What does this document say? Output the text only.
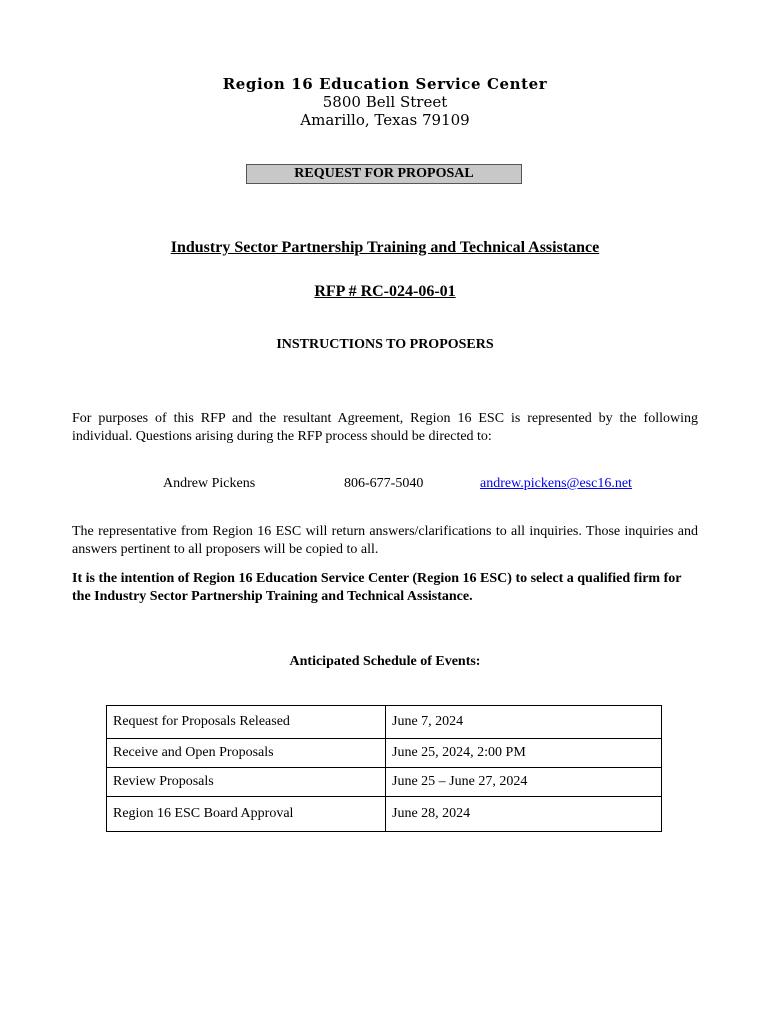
Region 16 Education Service Center
5800 Bell Street
Amarillo, Texas 79109
REQUEST FOR PROPOSAL
Industry Sector Partnership Training and Technical Assistance
RFP # RC-024-06-01
INSTRUCTIONS TO PROPOSERS
For purposes of this RFP and the resultant Agreement, Region 16 ESC is represented by the following individual. Questions arising during the RFP process should be directed to:
Andrew Pickens	806-677-5040	andrew.pickens@esc16.net
The representative from Region 16 ESC will return answers/clarifications to all inquiries. Those inquiries and answers pertinent to all proposers will be copied to all.
It is the intention of Region 16 Education Service Center (Region 16 ESC) to select a qualified firm for the Industry Sector Partnership Training and Technical Assistance.
Anticipated Schedule of Events:
Request for Proposals Released	June 7, 2024
Receive and Open Proposals	June 25, 2024, 2:00 PM
Review Proposals	June 25 – June 27, 2024
Region 16 ESC Board Approval	June 28, 2024
